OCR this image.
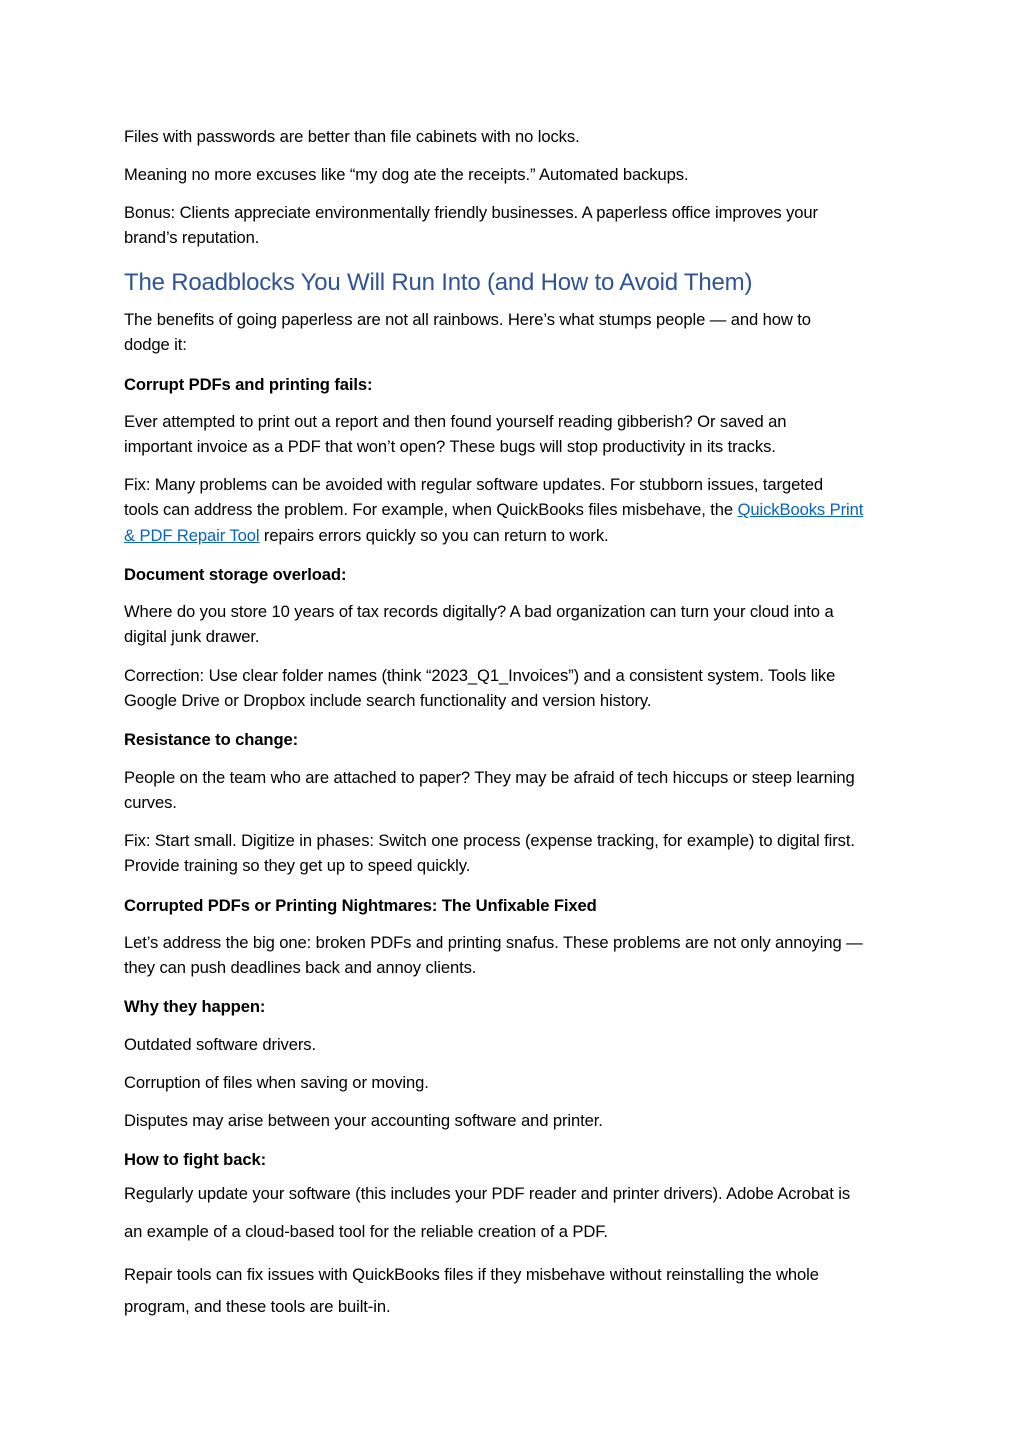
Files with passwords are better than file cabinets with no locks.
Meaning no more excuses like “my dog ate the receipts.” Automated backups.
Bonus: Clients appreciate environmentally friendly businesses. A paperless office improves your
brand’s reputation.
The Roadblocks You Will Run Into (and How to Avoid Them)
The benefits of going paperless are not all rainbows. Here’s what stumps people — and how to
dodge it:
Corrupt PDFs and printing fails:
Ever attempted to print out a report and then found yourself reading gibberish? Or saved an
important invoice as a PDF that won’t open? These bugs will stop productivity in its tracks.
Fix: Many problems can be avoided with regular software updates. For stubborn issues, targeted
tools can address the problem. For example, when QuickBooks files misbehave, the QuickBooks Print
& PDF Repair Tool repairs errors quickly so you can return to work.
Document storage overload:
Where do you store 10 years of tax records digitally? A bad organization can turn your cloud into a
digital junk drawer.
Correction: Use clear folder names (think “2023_Q1_Invoices”) and a consistent system. Tools like
Google Drive or Dropbox include search functionality and version history.
Resistance to change:
People on the team who are attached to paper? They may be afraid of tech hiccups or steep learning
curves.
Fix: Start small. Digitize in phases: Switch one process (expense tracking, for example) to digital first.
Provide training so they get up to speed quickly.
Corrupted PDFs or Printing Nightmares: The Unfixable Fixed
Let’s address the big one: broken PDFs and printing snafus. These problems are not only annoying —
they can push deadlines back and annoy clients.
Why they happen:
Outdated software drivers.
Corruption of files when saving or moving.
Disputes may arise between your accounting software and printer.
How to fight back:
Regularly update your software (this includes your PDF reader and printer drivers). Adobe Acrobat is
an example of a cloud-based tool for the reliable creation of a PDF.
Repair tools can fix issues with QuickBooks files if they misbehave without reinstalling the whole
program, and these tools are built-in.
